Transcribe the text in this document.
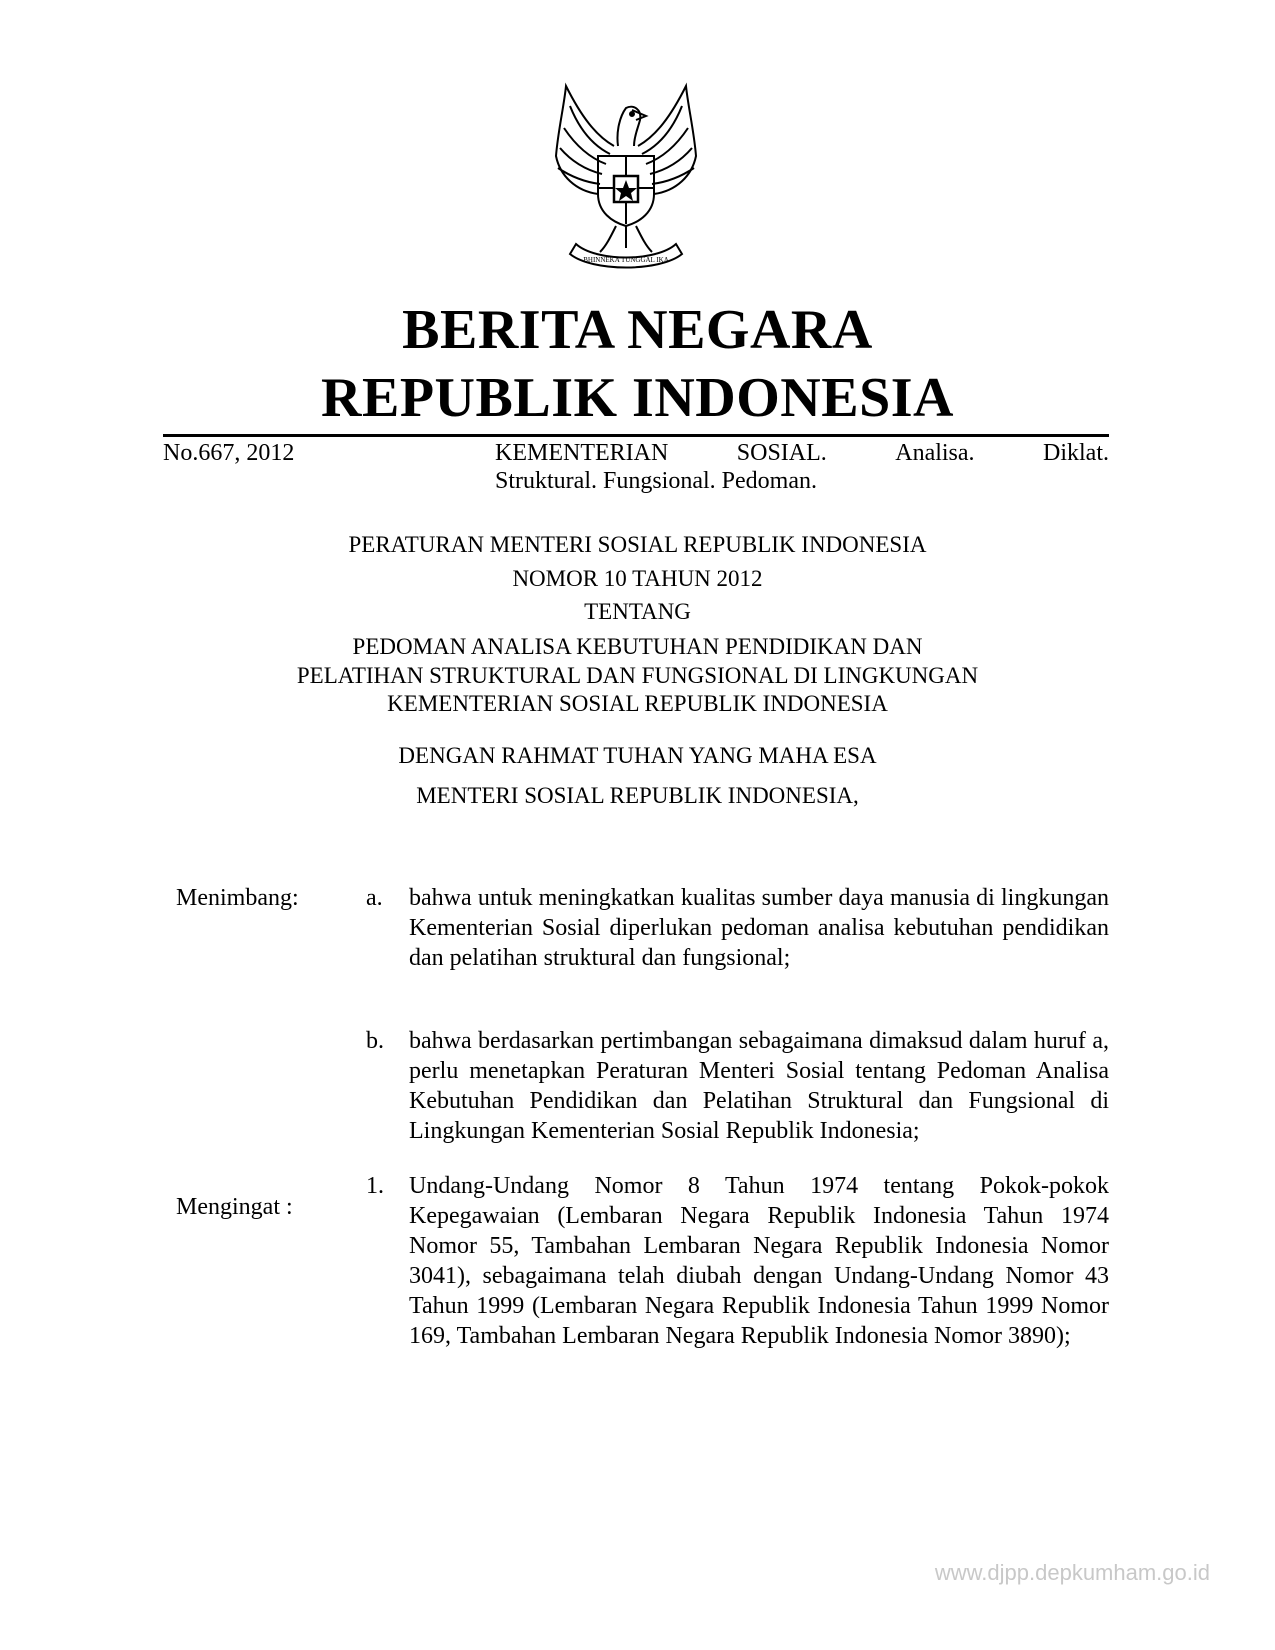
BHINNEKA TUNGGAL IKA
BERITA NEGARA
REPUBLIK INDONESIA
No.667, 2012	KEMENTERIAN	SOSIAL.	Analisa.	Diklat.
Struktural. Fungsional. Pedoman.
PERATURAN MENTERI SOSIAL REPUBLIK INDONESIA
NOMOR 10 TAHUN 2012
TENTANG
PEDOMAN ANALISA KEBUTUHAN PENDIDIKAN DAN
PELATIHAN STRUKTURAL DAN FUNGSIONAL DI LINGKUNGAN
KEMENTERIAN SOSIAL REPUBLIK INDONESIA
DENGAN RAHMAT TUHAN YANG MAHA ESA
MENTERI SOSIAL REPUBLIK INDONESIA,
Menimbang:	a. bahwa untuk meningkatkan kualitas sumber daya manusia di lingkungan Kementerian Sosial diperlukan pedoman analisa kebutuhan pendidikan dan pelatihan struktural dan fungsional;
b. bahwa berdasarkan pertimbangan sebagaimana dimaksud dalam huruf a, perlu menetapkan Peraturan Menteri Sosial tentang Pedoman Analisa Kebutuhan Pendidikan dan Pelatihan Struktural dan Fungsional di Lingkungan Kementerian Sosial Republik Indonesia;
Mengingat :
1. Undang-Undang Nomor 8 Tahun 1974 tentang Pokok-pokok Kepegawaian (Lembaran Negara Republik Indonesia Tahun 1974 Nomor 55, Tambahan Lembaran Negara Republik Indonesia Nomor 3041), sebagaimana telah diubah dengan Undang-Undang Nomor 43 Tahun 1999 (Lembaran Negara Republik Indonesia Tahun 1999 Nomor 169, Tambahan Lembaran Negara Republik Indonesia Nomor 3890);
www.djpp.depkumham.go.id
